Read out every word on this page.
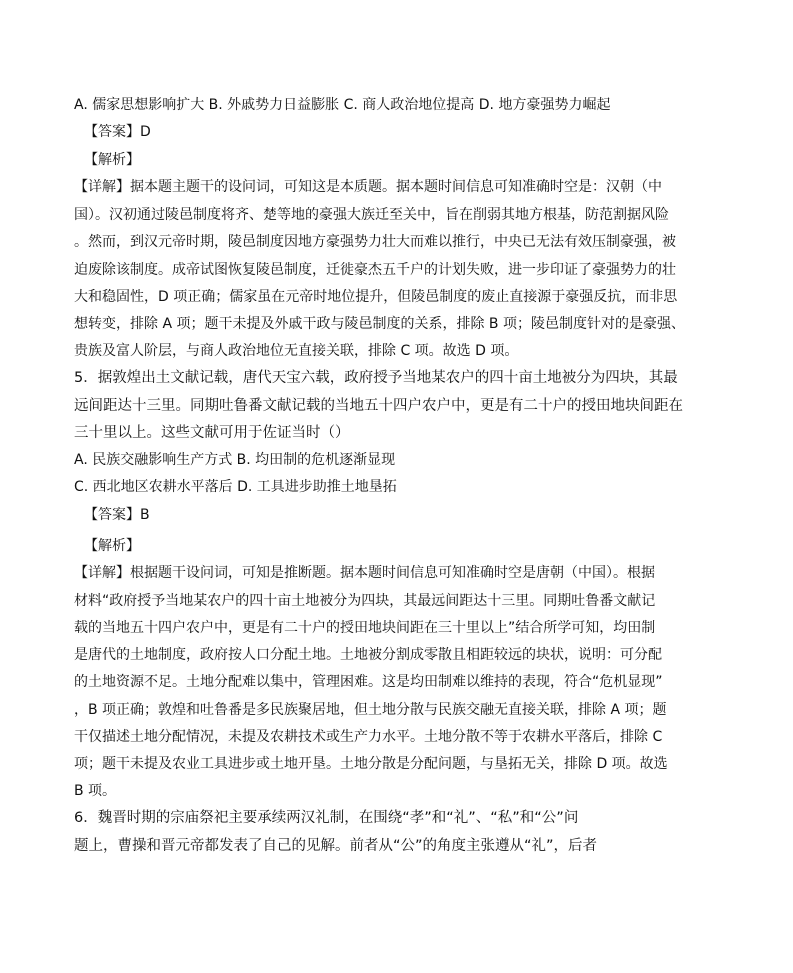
A. 儒家思想影响扩大 B. 外戚势力日益膨胀 C. 商人政治地位提高 D. 地方豪强势力崛起
【答案】D
【解析】
【详解】据本题主题干的设问词，可知这是本质题。据本题时间信息可知准确时空是：汉朝（中
国）。汉初通过陵邑制度将齐、楚等地的豪强大族迁至关中，旨在削弱其地方根基，防范割据风险
。然而，到汉元帝时期，陵邑制度因地方豪强势力壮大而难以推行，中央已无法有效压制豪强，被
迫废除该制度。成帝试图恢复陵邑制度，迁徙豪杰五千户的计划失败，进一步印证了豪强势力的壮
大和稳固性，D 项正确；儒家虽在元帝时地位提升，但陵邑制度的废止直接源于豪强反抗，而非思
想转变，排除 A 项；题干未提及外戚干政与陵邑制度的关系，排除 B 项；陵邑制度针对的是豪强、
贵族及富人阶层，与商人政治地位无直接关联，排除 C 项。故选 D 项。
5．据敦煌出土文献记载，唐代天宝六载，政府授予当地某农户的四十亩土地被分为四块，其最
远间距达十三里。同期吐鲁番文献记载的当地五十四户农户中，更是有二十户的授田地块间距在
三十里以上。这些文献可用于佐证当时（）
A. 民族交融影响生产方式 B. 均田制的危机逐渐显现
C. 西北地区农耕水平落后 D. 工具进步助推土地垦拓
【答案】B
【解析】
【详解】根据题干设问词，可知是推断题。据本题时间信息可知准确时空是唐朝（中国）。根据
材料“政府授予当地某农户的四十亩土地被分为四块，其最远间距达十三里。同期吐鲁番文献记
载的当地五十四户农户中，更是有二十户的授田地块间距在三十里以上”结合所学可知，均田制
是唐代的土地制度，政府按人口分配土地。土地被分割成零散且相距较远的块状，说明：可分配
的土地资源不足。土地分配难以集中，管理困难。这是均田制难以维持的表现，符合“危机显现”
，B 项正确；敦煌和吐鲁番是多民族聚居地，但土地分散与民族交融无直接关联，排除 A 项；题
干仅描述土地分配情况，未提及农耕技术或生产力水平。土地分散不等于农耕水平落后，排除 C
项；题干未提及农业工具进步或土地开垦。土地分散是分配问题，与垦拓无关，排除 D 项。故选
B 项。
6．魏晋时期的宗庙祭祀主要承续两汉礼制，在围绕“孝”和“礼”、“私”和“公”问
题上，曹操和晋元帝都发表了自己的见解。前者从“公”的角度主张遵从“礼”，后者
